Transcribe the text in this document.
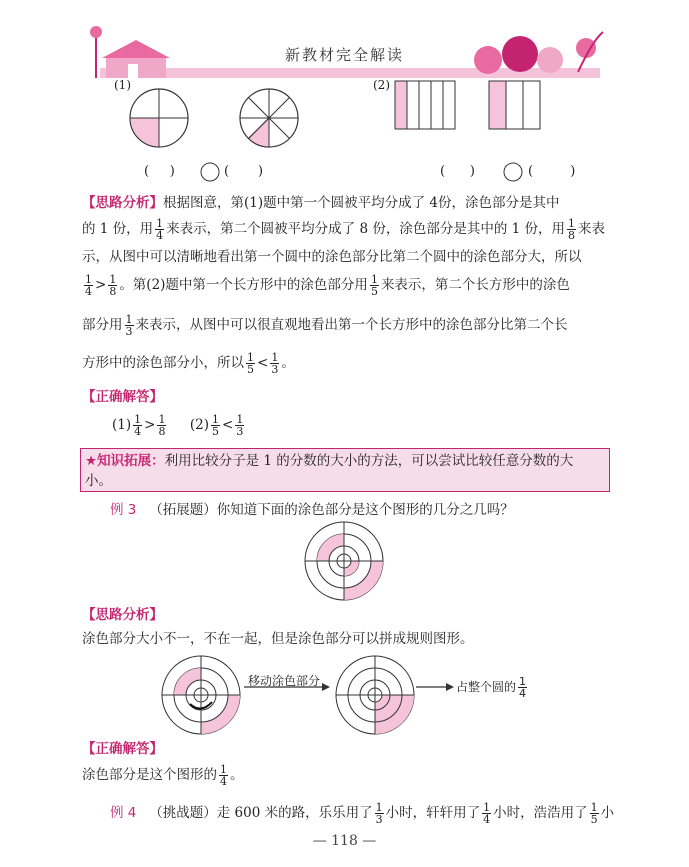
新教材完全解读
(1)	(2)
( )	( )	( )	(	)
【思路分析】根据图意，第(1)题中第一个圆被平均分成了 4份，涂色部分是其中
的 1 份，用 $\frac{1}{4}$ 来表示，第二个圆被平均分成了 8 份，涂色部分是其中的 1 份，用 $\frac{1}{8}$ 来表
示，从图中可以清晰地看出第一个圆中的涂色部分比第二个圆中的涂色部分大，所以
$\frac{1}{4} > \frac{1}{8}$ 。第(2)题中第一个长方形中的涂色部分用 $\frac{1}{5}$ 来表示，第二个长方形中的涂色
部分用 $\frac{1}{3}$ 来表示，从图中可以很直观地看出第一个长方形中的涂色部分比第二个长
方形中的涂色部分小，所以 $\frac{1}{5} < \frac{1}{3}$ 。
【正确解答】
$(1) \frac{1}{4} > \frac{1}{8} (2) \frac{1}{5} < \frac{1}{3}$
★知识拓展：利用比较分子是 1 的分数的大小的方法，可以尝试比较任意分数的大
小。
例 3 （拓展题）你知道下面的涂色部分是这个图形的几分之几吗？
【思路分析】
涂色部分大小不一，不在一起，但是涂色部分可以拼成规则图形。
移动涂色部分	占整个圆的 $\frac{1}{4}$
【正确解答】
涂色部分是这个图形的 $\frac{1}{4}$ 。
例 4 （挑战题）走 600 米的路，乐乐用了 $\frac{1}{3}$ 小时，轩轩用了 $\frac{1}{4}$ 小时，浩浩用了 $\frac{1}{5}$ 小
— 118 —
